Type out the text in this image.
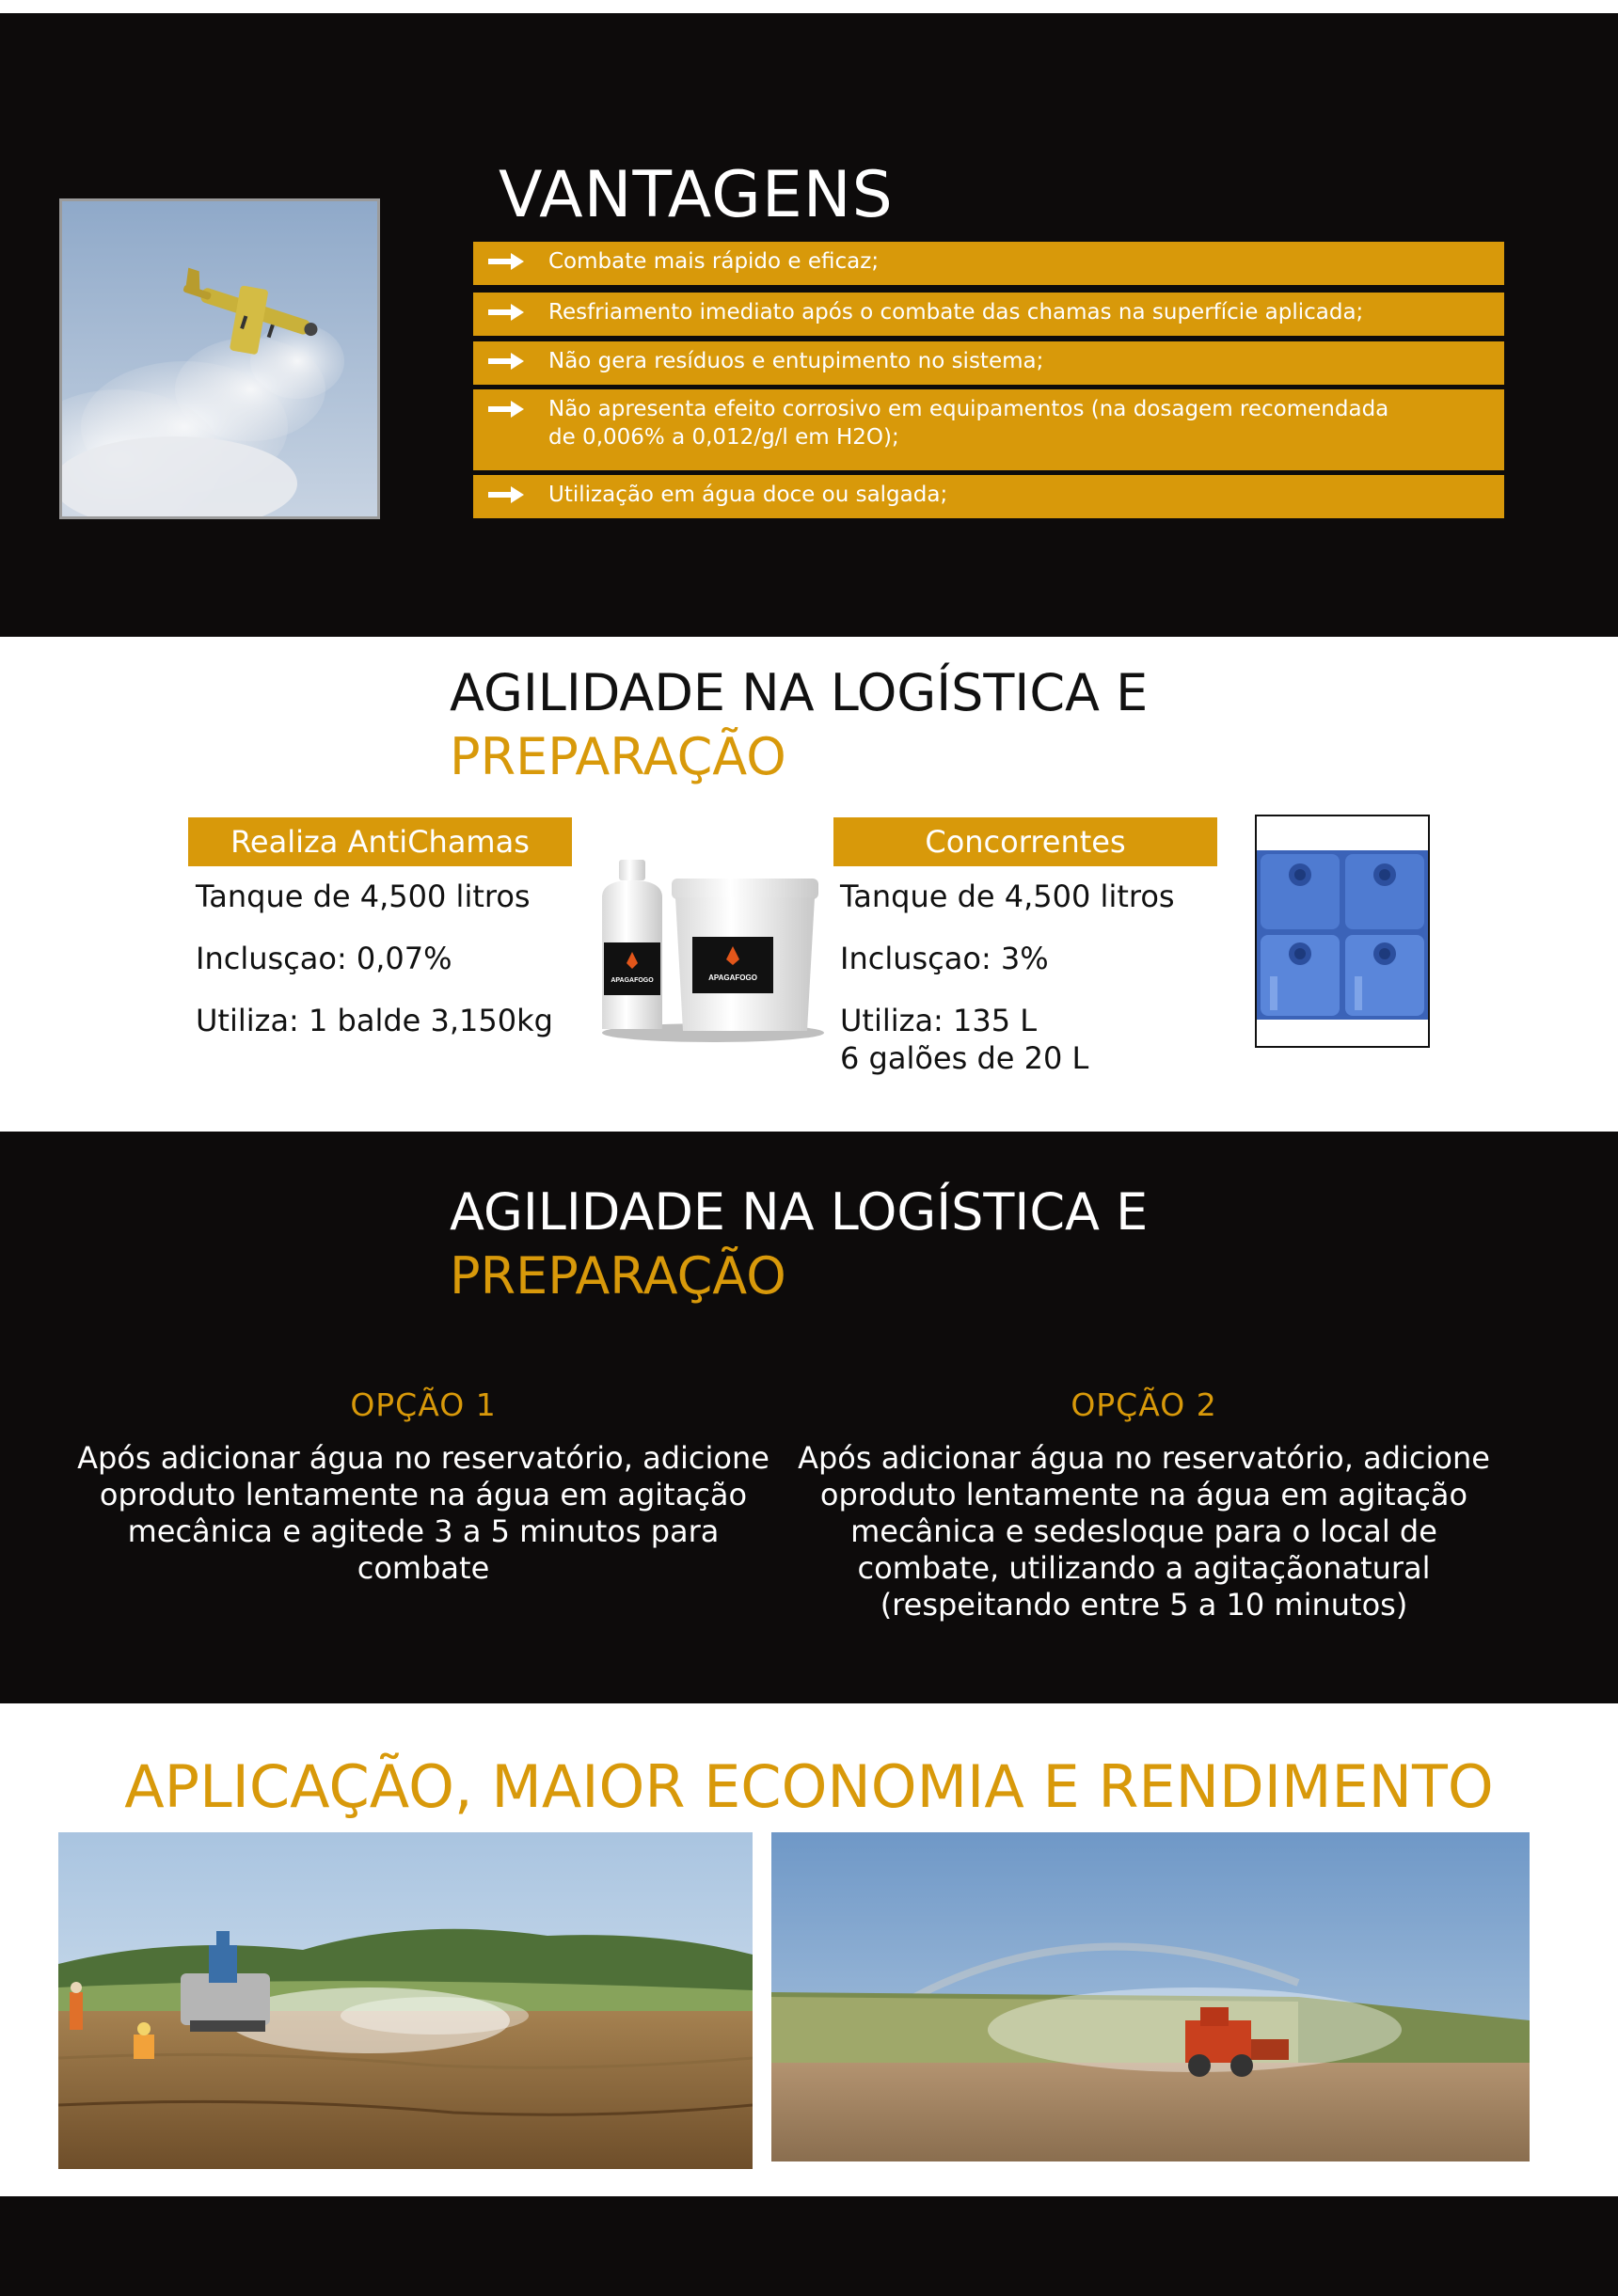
VANTAGENS
Combate mais rápido e eficaz;
Resfriamento imediato após o combate das chamas na superfície aplicada;
Não gera resíduos e entupimento no sistema;
Não apresenta efeito corrosivo em equipamentos (na dosagem recomendada
de 0,006% a 0,012/g/l em H2O);
Utilização em água doce ou salgada;
AGILIDADE NA LOGÍSTICA E
PREPARAÇÃO
Realiza AntiChamas
Tanque de 4,500 litros
Inclusçao: 0,07%
Utiliza: 1 balde 3,150kg
APAGAFOGO	APAGAFOGO
Concorrentes
Tanque de 4,500 litros
Inclusçao: 3%
Utiliza: 135 L
6 galões de 20 L
AGILIDADE NA LOGÍSTICA E
PREPARAÇÃO
OPÇÃO 1
Após adicionar água no reservatório, adicione
oproduto lentamente na água em agitação
mecânica e agitede 3 a 5 minutos para
combate
OPÇÃO 2
Após adicionar água no reservatório, adicione
oproduto lentamente na água em agitação
mecânica e sedesloque para o local de
combate, utilizando a agitaçãonatural
(respeitando entre 5 a 10 minutos)
APLICAÇÃO, MAIOR ECONOMIA E RENDIMENTO
